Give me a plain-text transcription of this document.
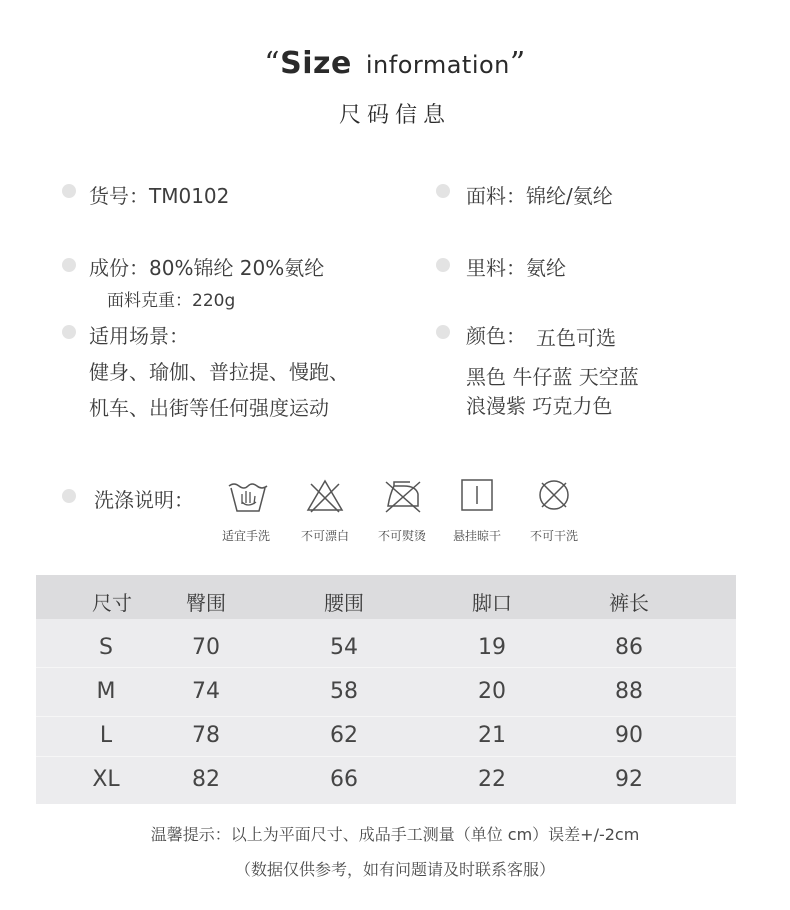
“Size information”
尺码信息
货号：TM0102
成份：80%锦纶 20%氨纶
面料克重：220g
适用场景：
健身、瑜伽、普拉提、慢跑、
机车、出街等任何强度运动
面料：锦纶/氨纶
里料：氨纶
颜色： 五色可选
黑色 牛仔蓝 天空蓝
浪漫紫 巧克力色
洗涤说明：
适宜手洗	不可漂白	不可熨烫	悬挂晾干	不可干洗
尺寸	臀围	腰围	脚口	裤长
S	70	54	19	86
M	74	58	20	88
L	78	62	21	90
XL	82	66	22	92
温馨提示：以上为平面尺寸、成品手工测量（单位 cm）误差+/-2cm
（数据仅供参考，如有问题请及时联系客服）
